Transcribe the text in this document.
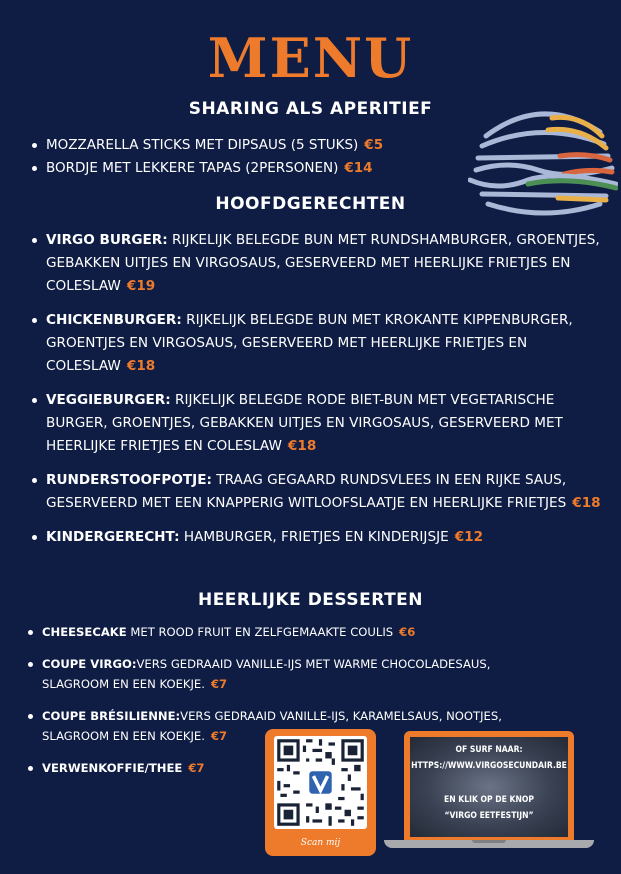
MENU
SHARING ALS APERITIEF
MOZZARELLA STICKS MET DIPSAUS (5 STUKS) €5
BORDJE MET LEKKERE TAPAS (2PERSONEN) €14
HOOFDGERECHTEN
VIRGO BURGER: RIJKELIJK BELEGDE BUN MET RUNDSHAMBURGER, GROENTJES, GEBAKKEN UITJES EN VIRGOSAUS, GESERVEERD MET HEERLIJKE FRIETJES EN COLESLAW €19
CHICKENBURGER: RIJKELIJK BELEGDE BUN MET KROKANTE KIPPENBURGER, GROENTJES EN VIRGOSAUS, GESERVEERD MET HEERLIJKE FRIETJES EN COLESLAW €18
VEGGIEBURGER: RIJKELIJK BELEGDE RODE BIET-BUN MET VEGETARISCHE BURGER, GROENTJES, GEBAKKEN UITJES EN VIRGOSAUS, GESERVEERD MET HEERLIJKE FRIETJES EN COLESLAW €18
RUNDERSTOOFPOTJE: TRAAG GEGAARD RUNDSVLEES IN EEN RIJKE SAUS, GESERVEERD MET EEN KNAPPERIG WITLOOFSLAATJE EN HEERLIJKE FRIETJES €18
KINDERGERECHT: HAMBURGER, FRIETJES EN KINDERIJSJE €12
HEERLIJKE DESSERTEN
CHEESECAKE MET ROOD FRUIT EN ZELFGEMAAKTE COULIS €6
COUPE VIRGO:VERS GEDRAAID VANILLE-IJS MET WARME CHOCOLADESAUS, SLAGROOM EN EEN KOEKJE. €7
COUPE BRÉSILIENNE:VERS GEDRAAID VANILLE-IJS, KARAMELSAUS, NOOTJES, SLAGROOM EN EEN KOEKJE. €7
VERWENKOFFIE/THEE €7
Scan mij
OF SURF NAAR:
HTTPS://WWW.VIRGOSECUNDAIR.BE
EN KLIK OP DE KNOP
“VIRGO EETFESTIJN”
